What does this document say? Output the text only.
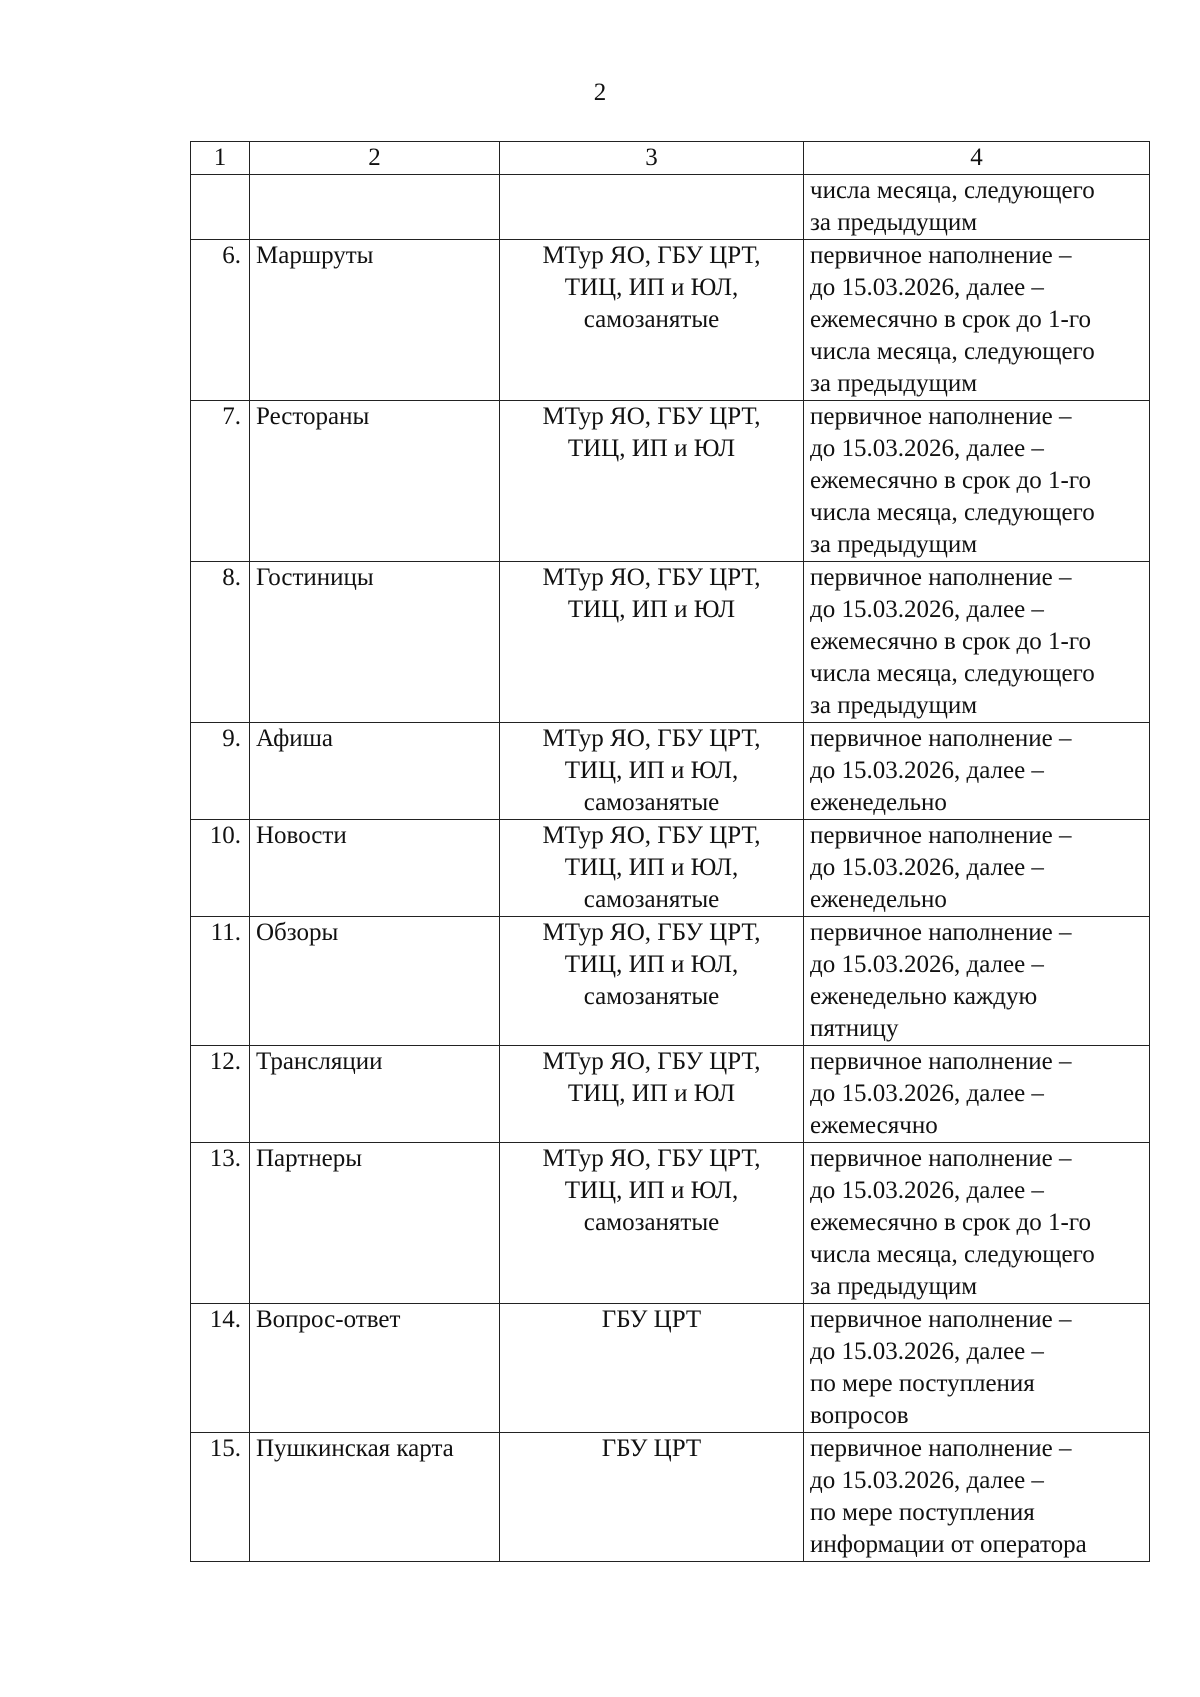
2
1	2	3	4
			числа месяца, следующего
за предыдущим
6.	Маршруты	МТур ЯО, ГБУ ЦРТ,
ТИЦ, ИП и ЮЛ,
самозанятые	первичное наполнение –
до 15.03.2026, далее –
ежемесячно в срок до 1-го
числа месяца, следующего
за предыдущим
7.	Рестораны	МТур ЯО, ГБУ ЦРТ,
ТИЦ, ИП и ЮЛ	первичное наполнение –
до 15.03.2026, далее –
ежемесячно в срок до 1-го
числа месяца, следующего
за предыдущим
8.	Гостиницы	МТур ЯО, ГБУ ЦРТ,
ТИЦ, ИП и ЮЛ	первичное наполнение –
до 15.03.2026, далее –
ежемесячно в срок до 1-го
числа месяца, следующего
за предыдущим
9.	Афиша	МТур ЯО, ГБУ ЦРТ,
ТИЦ, ИП и ЮЛ,
самозанятые	первичное наполнение –
до 15.03.2026, далее –
еженедельно
10.	Новости	МТур ЯО, ГБУ ЦРТ,
ТИЦ, ИП и ЮЛ,
самозанятые	первичное наполнение –
до 15.03.2026, далее –
еженедельно
11.	Обзоры	МТур ЯО, ГБУ ЦРТ,
ТИЦ, ИП и ЮЛ,
самозанятые	первичное наполнение –
до 15.03.2026, далее –
еженедельно каждую
пятницу
12.	Трансляции	МТур ЯО, ГБУ ЦРТ,
ТИЦ, ИП и ЮЛ	первичное наполнение –
до 15.03.2026, далее –
ежемесячно
13.	Партнеры	МТур ЯО, ГБУ ЦРТ,
ТИЦ, ИП и ЮЛ,
самозанятые	первичное наполнение –
до 15.03.2026, далее –
ежемесячно в срок до 1-го
числа месяца, следующего
за предыдущим
14.	Вопрос-ответ	ГБУ ЦРТ	первичное наполнение –
до 15.03.2026, далее –
по мере поступления
вопросов
15.	Пушкинская карта	ГБУ ЦРТ	первичное наполнение –
до 15.03.2026, далее –
по мере поступления
информации от оператора
